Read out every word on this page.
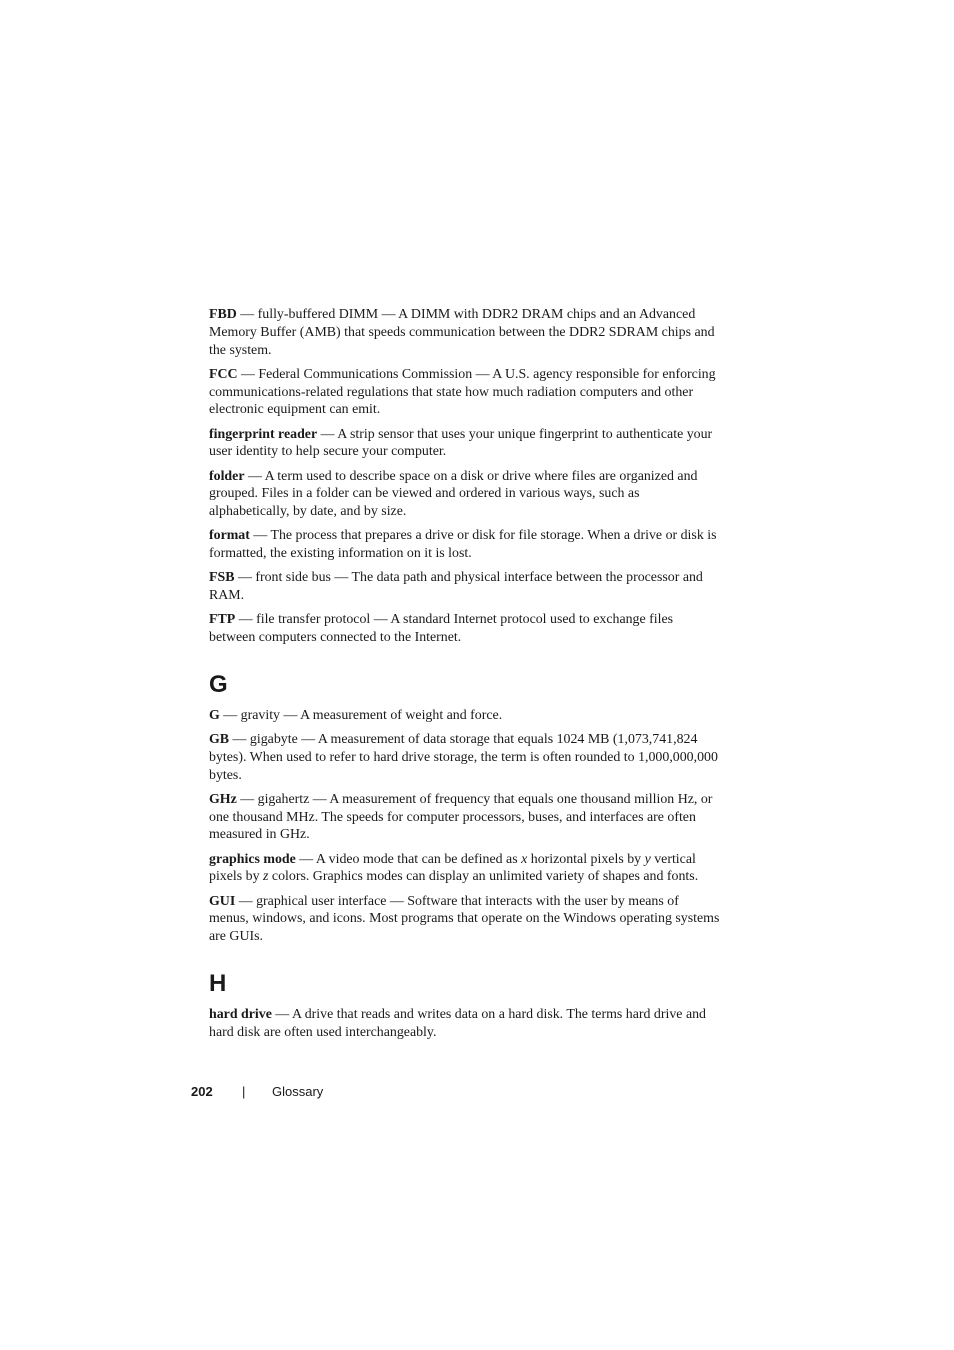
FBD — fully-buffered DIMM — A DIMM with DDR2 DRAM chips and an Advanced Memory Buffer (AMB) that speeds communication between the DDR2 SDRAM chips and the system.

FCC — Federal Communications Commission — A U.S. agency responsible for enforcing communications-related regulations that state how much radiation computers and other electronic equipment can emit.

fingerprint reader — A strip sensor that uses your unique fingerprint to authenticate your user identity to help secure your computer.

folder — A term used to describe space on a disk or drive where files are organized and grouped. Files in a folder can be viewed and ordered in various ways, such as alphabetically, by date, and by size.

format — The process that prepares a drive or disk for file storage. When a drive or disk is formatted, the existing information on it is lost.

FSB — front side bus — The data path and physical interface between the processor and RAM.

FTP — file transfer protocol — A standard Internet protocol used to exchange files between computers connected to the Internet.

G

G — gravity — A measurement of weight and force.

GB — gigabyte — A measurement of data storage that equals 1024 MB (1,073,741,824 bytes). When used to refer to hard drive storage, the term is often rounded to 1,000,000,000 bytes.

GHz — gigahertz — A measurement of frequency that equals one thousand million Hz, or one thousand MHz. The speeds for computer processors, buses, and interfaces are often measured in GHz.

graphics mode — A video mode that can be defined as x horizontal pixels by y vertical pixels by z colors. Graphics modes can display an unlimited variety of shapes and fonts.

GUI — graphical user interface — Software that interacts with the user by means of menus, windows, and icons. Most programs that operate on the Windows operating systems are GUIs.

H

hard drive — A drive that reads and writes data on a hard disk. The terms hard drive and hard disk are often used interchangeably.

202 | Glossary
